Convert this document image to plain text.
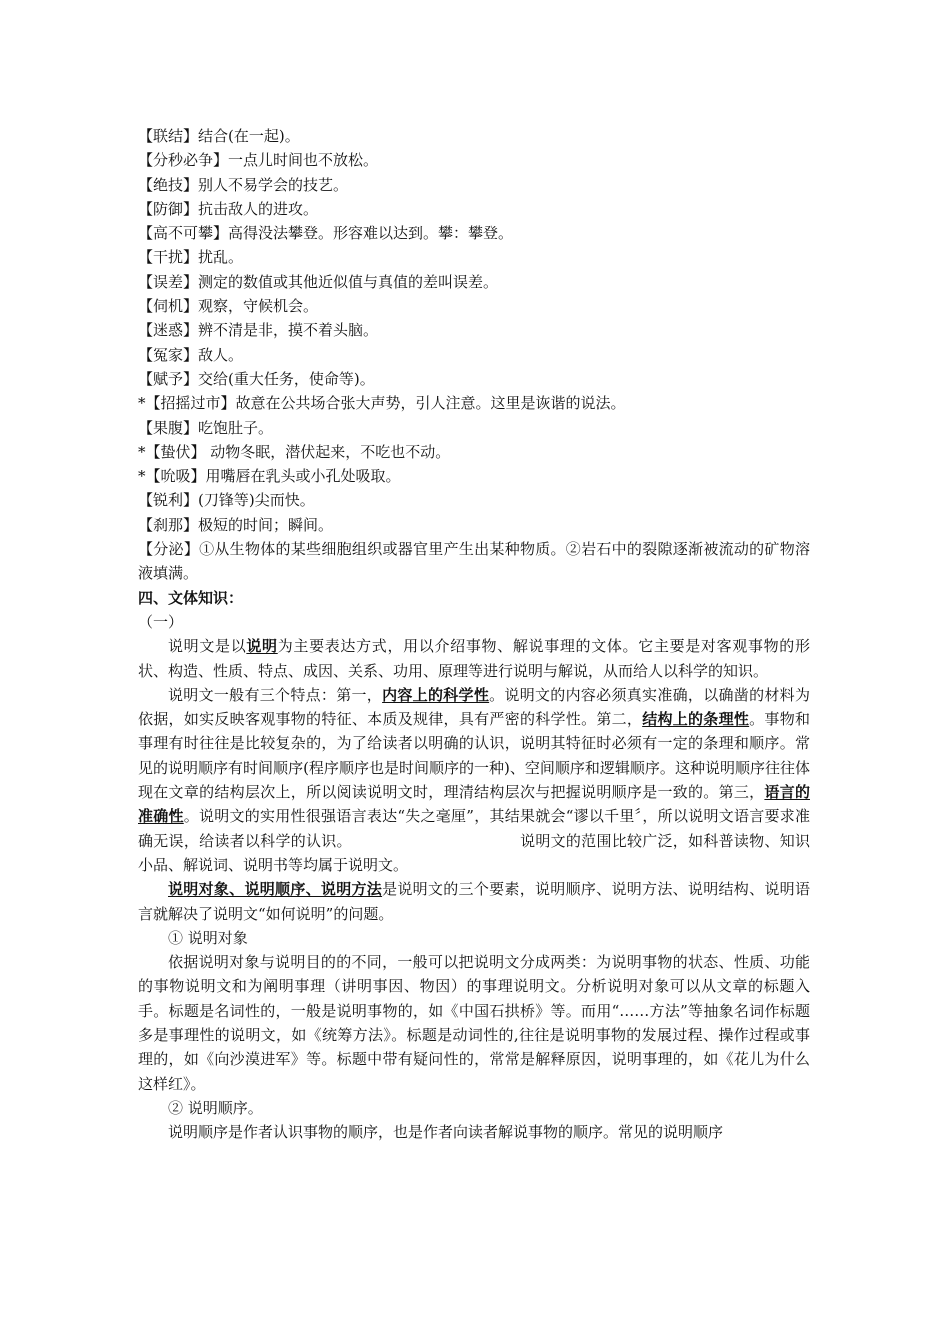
【联结】结合(在一起)。
【分秒必争】一点儿时间也不放松。
【绝技】别人不易学会的技艺。
【防御】抗击敌人的进攻。
【高不可攀】高得没法攀登。形容难以达到。攀：攀登。
【干扰】扰乱。
【误差】测定的数值或其他近似值与真值的差叫误差。
【伺机】观察，守候机会。
【迷惑】辨不清是非，摸不着头脑。
【冤家】敌人。
【赋予】交给(重大任务，使命等)。
*【招摇过市】故意在公共场合张大声势，引人注意。这里是诙谐的说法。
【果腹】吃饱肚子。
*【蛰伏】 动物冬眠，潜伏起来，不吃也不动。
*【吮吸】用嘴唇在乳头或小孔处吸取。
【锐利】(刀锋等)尖而快。
【刹那】极短的时间；瞬间。
【分泌】①从生物体的某些细胞组织或器官里产生出某种物质。②岩石中的裂隙逐渐被流动的矿物溶液填满。
四、文体知识：
（一）

说明文是以说明为主要表达方式，用以介绍事物、解说事理的文体。它主要是对客观事物的形状、构造、性质、特点、成因、关系、功用、原理等进行说明与解说，从而给人以科学的知识。

说明文一般有三个特点：第一，内容上的科学性。说明文的内容必须真实准确，以确凿的材料为依据，如实反映客观事物的特征、本质及规律，具有严密的科学性。第二，结构上的条理性。事物和事理有时往往是比较复杂的，为了给读者以明确的认识，说明其特征时必须有一定的条理和顺序。常见的说明顺序有时间顺序(程序顺序也是时间顺序的一种)、空间顺序和逻辑顺序。这种说明顺序往往体现在文章的结构层次上，所以阅读说明文时，理清结构层次与把握说明顺序是一致的。第三，语言的准确性。说明文的实用性很强语言表达“失之毫厘”，其结果就会“谬以千里〞，所以说明文语言要求准确无误，给读者以科学的认识。	说明文的范围比较广泛，如科普读物、知识小品、解说词、说明书等均属于说明文。

说明对象、说明顺序、说明方法是说明文的三个要素，说明顺序、说明方法、说明结构、说明语言就解决了说明文“如何说明”的问题。

① 说明对象

依据说明对象与说明目的的不同，一般可以把说明文分成两类：为说明事物的状态、性质、功能的事物说明文和为阐明事理（讲明事因、物因）的事理说明文。分析说明对象可以从文章的标题入手。标题是名词性的，一般是说明事物的，如《中国石拱桥》等。而用“……方法”等抽象名词作标题多是事理性的说明文，如《统筹方法》。标题是动词性的,往往是说明事物的发展过程、操作过程或事理的，如《向沙漠进军》等。标题中带有疑问性的，常常是解释原因，说明事理的，如《花儿为什么这样红》。

② 说明顺序。

说明顺序是作者认识事物的顺序，也是作者向读者解说事物的顺序。常见的说明顺序
